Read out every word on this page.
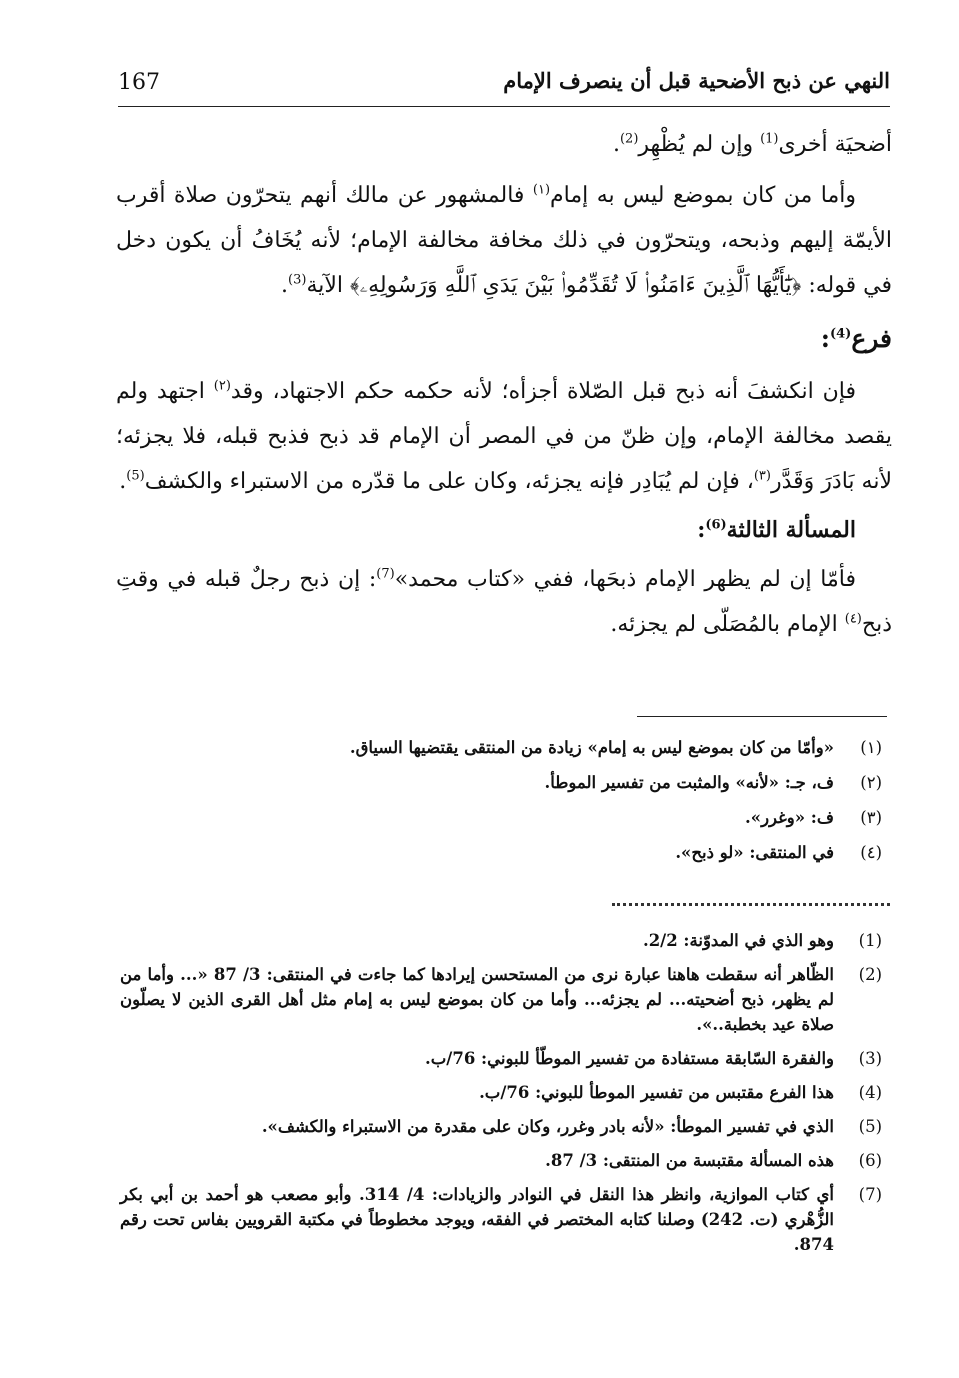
167	النهي عن ذبح الأضحية قبل أن ينصرف الإمام

أضحيَة أخرى$^{(1)}$ وإن لم يُظْهِر$^{(2)}$.

وأما من كان بموضع ليس به إمام$^{(١)}$ فالمشهور عن مالك أنهم يتحرّون صلاة أقرب الأيمّة إليهم وذبحه، ويتحرّون في ذلك مخافة مخالفة الإمام؛ لأنه يُخَافُ أن يكون دخل في قوله: ﴿يَٰٓأَيُّهَا ٱلَّذِينَ ءَامَنُوا۟ لَا تُقَدِّمُوا۟ بَيْنَ يَدَىِ ٱللَّهِ وَرَسُولِهِۦ﴾ الآية$^{(3)}$.

فرع$^{(4)}$:

فإن انكشفَ أنه ذبح قبل الصّلاة أجزأه؛ لأنه حكمه حكم الاجتهاد، وقد$^{(٢)}$ اجتهد ولم يقصد مخالفة الإمام، وإن ظنّ من في المصر أن الإمام قد ذبح فذبح قبله، فلا يجزئه؛ لأنه بَادَرَ وَقَدَّر$^{(٣)}$، فإن لم يُبَادِر فإنه يجزئه، وكان على ما قدّره من الاستبراء والكشف$^{(5)}$.

المسألة الثالثة$^{(6)}$:

فأمّا إن لم يظهر الإمام ذبحَها، ففي «كتاب محمد»$^{(7)}$: إن ذبح رجلٌ قبله في وقتِ ذبح$^{(٤)}$ الإمام بالمُصَلّى لم يجزئه.

(١)
«وأمّا من كان بموضع ليس به إمام» زيادة من المنتقى يقتضيها السياق.
(٢)
ف، جـ: «لأنه» والمثبت من تفسير الموطأ.
(٣)
ف: «وغرر».
(٤)
في المنتقى: «لو ذبح».
(1)
وهو الذي في المدوّنة: 2/2.
(2)
الظّاهر أنه سقطت هاهنا عبارة نرى من المستحسن إيرادها كما جاءت في المنتقى: 3/ 87 «... وأما من لم يظهر، ذبح أضحيته... لم يجزئه... وأما من كان بموضع ليس به إمام مثل أهل القرى الذين لا يصلّون صلاة عيد بخطبة..».
(3)
والفقرة السّابقة مستفادة من تفسير الموطّأ للبوني: 76/ب.
(4)
هذا الفرع مقتبس من تفسير الموطأ للبوني: 76/ب.
(5)
الذي في تفسير الموطأ: «لأنه بادر وغرر، وكان على مقدرة من الاستبراء والكشف».
(6)
هذه المسألة مقتبسة من المنتقى: 3/ 87.
(7)
أي كتاب الموازية، وانظر هذا النقل في النوادر والزيادات: 4/ 314. وأبو مصعب هو أحمد بن أبي بكر الزُّهْري (ت. 242) وصلنا كتابه المختصر في الفقه، ويوجد مخطوطاً في مكتبة القرويين بفاس تحت رقم 874.
